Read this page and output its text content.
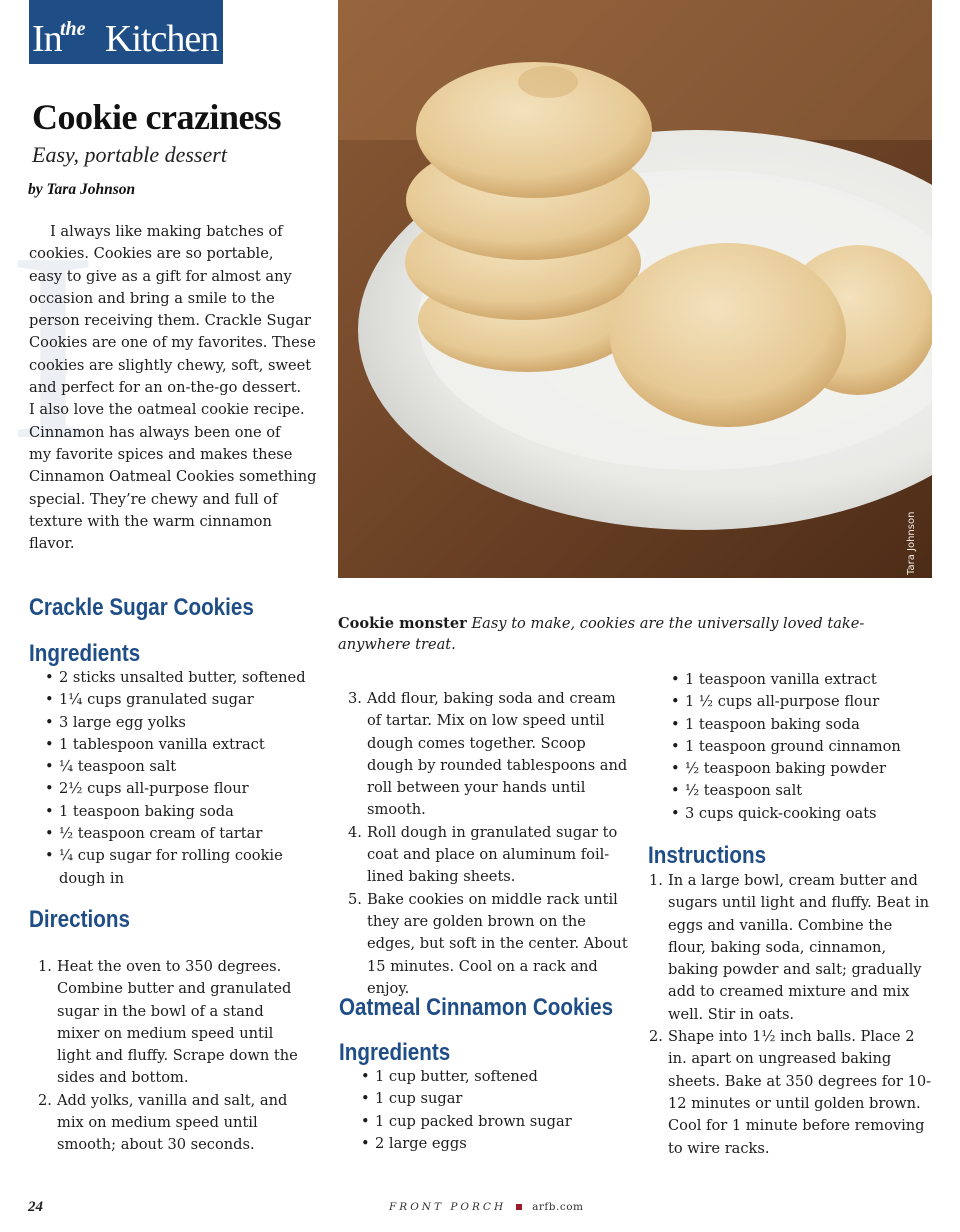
In
the Kitchen
Cookie craziness
Easy, portable dessert
by Tara Johnson
I

I always like making batches of
cookies. Cookies are so portable,
easy to give as a gift for almost any
occasion and bring a smile to the
person receiving them. Crackle Sugar
Cookies are one of my favorites. These
cookies are slightly chewy, soft, sweet
and perfect for an on-the-go dessert.
I also love the oatmeal cookie recipe.
Cinnamon has always been one of
my favorite spices and makes these
Cinnamon Oatmeal Cookies something
special. They’re chewy and full of
texture with the warm cinnamon
flavor.	Tara Johnson
Cookie monster Easy to make, cookies are the universally loved take-anywhere treat.
Crackle Sugar Cookies
Ingredients
• 2 sticks unsalted butter, softened
• 1¼ cups granulated sugar
• 3 large egg yolks
• 1 tablespoon vanilla extract
• ¼ teaspoon salt
• 2½ cups all-purpose flour
• 1 teaspoon baking soda
• ½ teaspoon cream of tartar
• ¼ cup sugar for rolling cookie dough in
Directions
1. Heat the oven to 350 degrees. Combine butter and granulated sugar in the bowl of a stand mixer on medium speed until light and fluffy. Scrape down the sides and bottom.
2. Add yolks, vanilla and salt, and mix on medium speed until smooth; about 30 seconds.
3. Add flour, baking soda and cream of tartar. Mix on low speed until dough comes together. Scoop dough by rounded tablespoons and roll between your hands until smooth.
4. Roll dough in granulated sugar to coat and place on aluminum foil-lined baking sheets.
5. Bake cookies on middle rack until they are golden brown on the edges, but soft in the center. About 15 minutes. Cool on a rack and enjoy.
Oatmeal Cinnamon Cookies
Ingredients
• 1 cup butter, softened
• 1 cup sugar
• 1 cup packed brown sugar
• 2 large eggs
• 1 teaspoon vanilla extract
• 1 ½ cups all-purpose flour
• 1 teaspoon baking soda
• 1 teaspoon ground cinnamon
• ½ teaspoon baking powder
• ½ teaspoon salt
• 3 cups quick-cooking oats
Instructions
1. In a large bowl, cream butter and sugars until light and fluffy. Beat in eggs and vanilla. Combine the flour, baking soda, cinnamon, baking powder and salt; gradually add to creamed mixture and mix well. Stir in oats.
2. Shape into 1½ inch balls. Place 2 in. apart on ungreased baking sheets. Bake at 350 degrees for 10-12 minutes or until golden brown. Cool for 1 minute before removing to wire racks.
24	FRONT PORCH arfb.com
